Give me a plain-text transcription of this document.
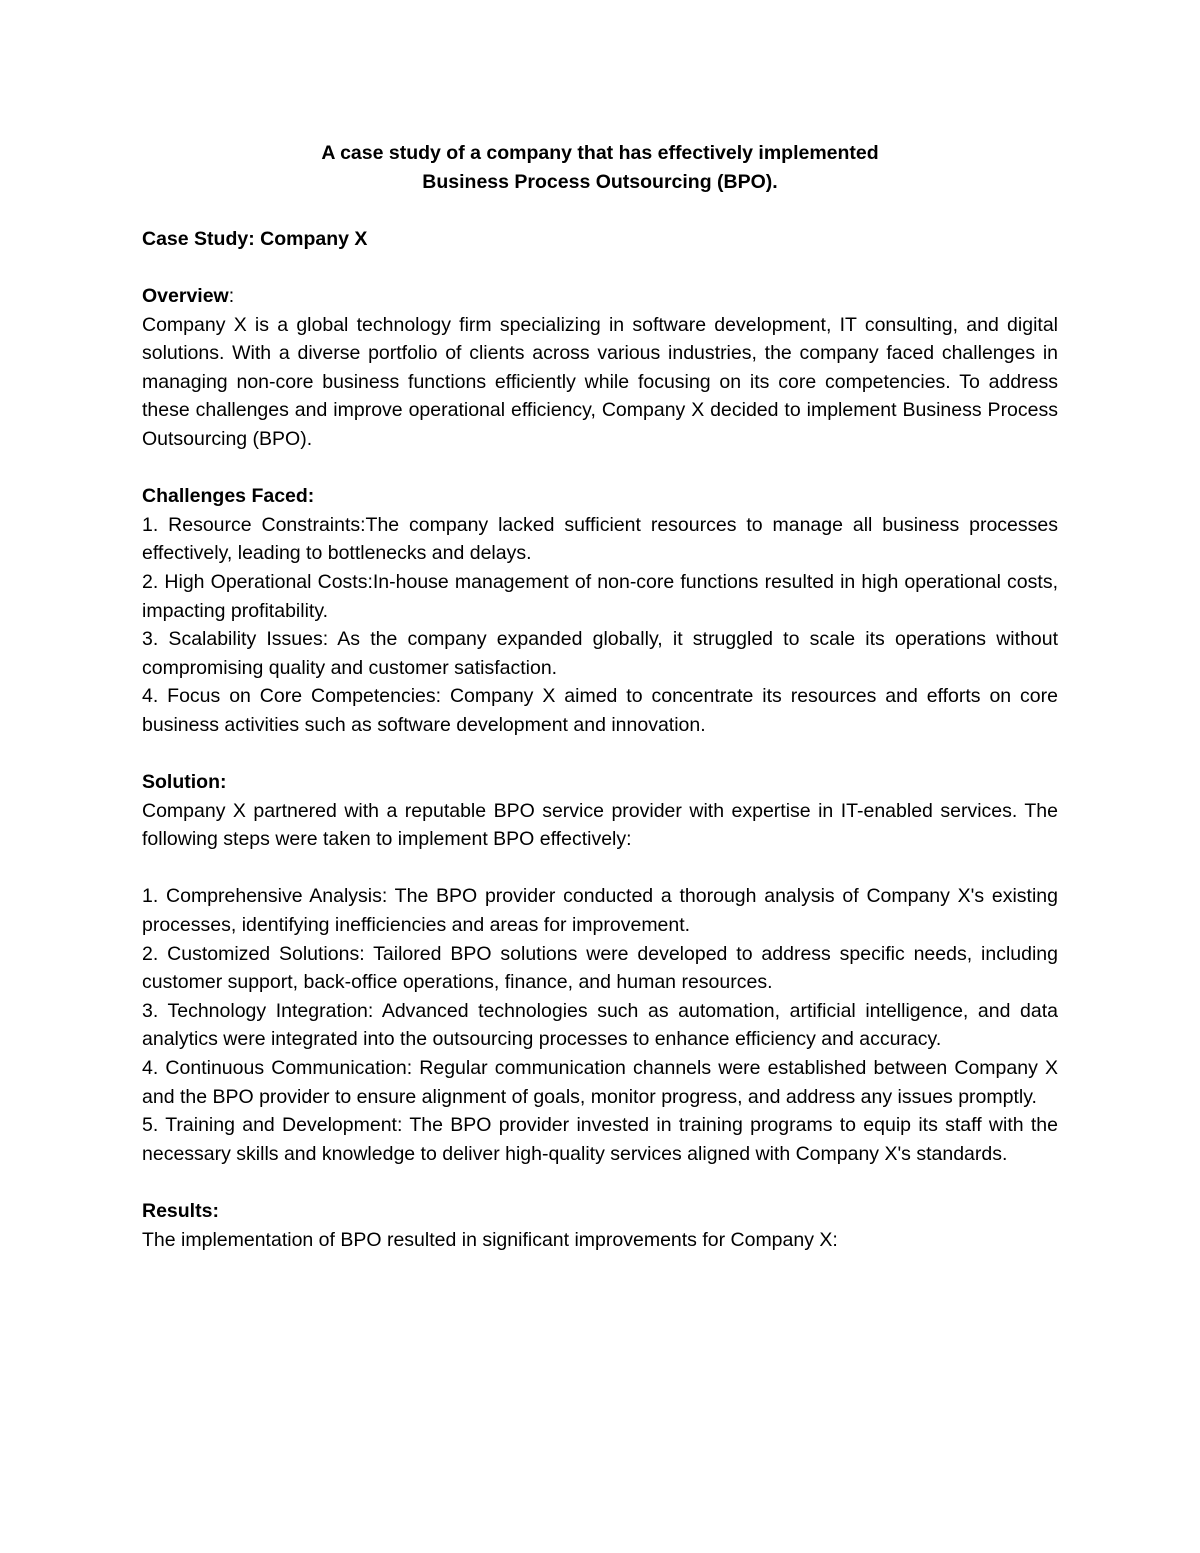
A case study of a company that has effectively implemented
Business Process Outsourcing (BPO).
Case Study: Company X
Overview:

Company X is a global technology firm specializing in software development, IT consulting, and digital solutions. With a diverse portfolio of clients across various industries, the company faced challenges in managing non-core business functions efficiently while focusing on its core competencies. To address these challenges and improve operational efficiency, Company X decided to implement Business Process Outsourcing (BPO).

Challenges Faced:

1. Resource Constraints:The company lacked sufficient resources to manage all business processes effectively, leading to bottlenecks and delays.

2. High Operational Costs:In-house management of non-core functions resulted in high operational costs, impacting profitability.

3. Scalability Issues: As the company expanded globally, it struggled to scale its operations without compromising quality and customer satisfaction.

4. Focus on Core Competencies: Company X aimed to concentrate its resources and efforts on core business activities such as software development and innovation.

Solution:

Company X partnered with a reputable BPO service provider with expertise in IT-enabled services. The following steps were taken to implement BPO effectively:

1. Comprehensive Analysis: The BPO provider conducted a thorough analysis of Company X's existing processes, identifying inefficiencies and areas for improvement.

2. Customized Solutions: Tailored BPO solutions were developed to address specific needs, including customer support, back-office operations, finance, and human resources.

3. Technology Integration: Advanced technologies such as automation, artificial intelligence, and data analytics were integrated into the outsourcing processes to enhance efficiency and accuracy.

4. Continuous Communication: Regular communication channels were established between Company X and the BPO provider to ensure alignment of goals, monitor progress, and address any issues promptly.

5. Training and Development: The BPO provider invested in training programs to equip its staff with the necessary skills and knowledge to deliver high-quality services aligned with Company X's standards.

Results:

The implementation of BPO resulted in significant improvements for Company X:
